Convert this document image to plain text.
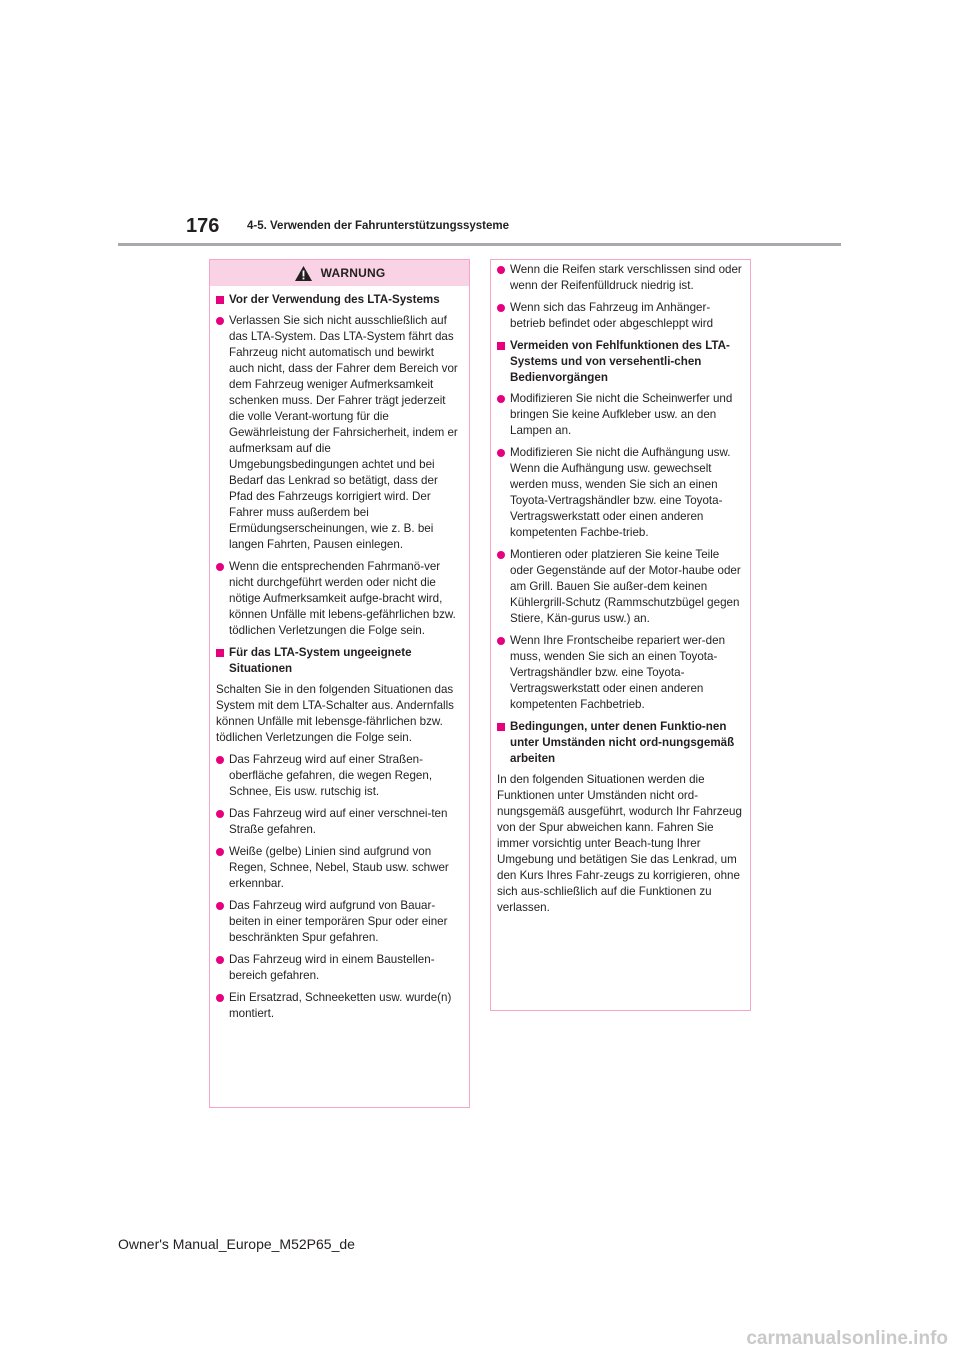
176 4-5. Verwenden der Fahrunterstützungssysteme
WARNUNG
Vor der Verwendung des LTA-Systems
Verlassen Sie sich nicht ausschließlich auf das LTA-System. Das LTA-System fährt das Fahrzeug nicht automatisch und bewirkt auch nicht, dass der Fahrer dem Bereich vor dem Fahrzeug weniger Aufmerksamkeit schenken muss. Der Fahrer trägt jederzeit die volle Verant-wortung für die Gewährleistung der Fahrsicherheit, indem er aufmerksam auf die Umgebungsbedingungen achtet und bei Bedarf das Lenkrad so betätigt, dass der Pfad des Fahrzeugs korrigiert wird. Der Fahrer muss außerdem bei Ermüdungserscheinungen, wie z. B. bei langen Fahrten, Pausen einlegen.
Wenn die entsprechenden Fahrmanö-ver nicht durchgeführt werden oder nicht die nötige Aufmerksamkeit aufge-bracht wird, können Unfälle mit lebens-gefährlichen bzw. tödlichen Verletzungen die Folge sein.
Für das LTA-System ungeeignete Situationen
Schalten Sie in den folgenden Situationen das System mit dem LTA-Schalter aus. Andernfalls können Unfälle mit lebensge-fährlichen bzw. tödlichen Verletzungen die Folge sein.
Das Fahrzeug wird auf einer Straßen-oberfläche gefahren, die wegen Regen, Schnee, Eis usw. rutschig ist.
Das Fahrzeug wird auf einer verschnei-ten Straße gefahren.
Weiße (gelbe) Linien sind aufgrund von Regen, Schnee, Nebel, Staub usw. schwer erkennbar.
Das Fahrzeug wird aufgrund von Bauar-beiten in einer temporären Spur oder einer beschränkten Spur gefahren.
Das Fahrzeug wird in einem Baustellen-bereich gefahren.
Ein Ersatzrad, Schneeketten usw. wurde(n) montiert.
Wenn die Reifen stark verschlissen sind oder wenn der Reifenfülldruck niedrig ist.
Wenn sich das Fahrzeug im Anhänger-betrieb befindet oder abgeschleppt wird
Vermeiden von Fehlfunktionen des LTA-Systems und von versehentli-chen Bedienvorgängen
Modifizieren Sie nicht die Scheinwerfer und bringen Sie keine Aufkleber usw. an den Lampen an.
Modifizieren Sie nicht die Aufhängung usw. Wenn die Aufhängung usw. gewechselt werden muss, wenden Sie sich an einen Toyota-Vertragshändler bzw. eine Toyota-Vertragswerkstatt oder einen anderen kompetenten Fachbe-trieb.
Montieren oder platzieren Sie keine Teile oder Gegenstände auf der Motor-haube oder am Grill. Bauen Sie außer-dem keinen Kühlergrill-Schutz (Rammschutzbügel gegen Stiere, Kän-gurus usw.) an.
Wenn Ihre Frontscheibe repariert wer-den muss, wenden Sie sich an einen Toyota-Vertragshändler bzw. eine Toyota-Vertragswerkstatt oder einen anderen kompetenten Fachbetrieb.
Bedingungen, unter denen Funktio-nen unter Umständen nicht ord-nungsgemäß arbeiten
In den folgenden Situationen werden die Funktionen unter Umständen nicht ord-nungsgemäß ausgeführt, wodurch Ihr Fahrzeug von der Spur abweichen kann. Fahren Sie immer vorsichtig unter Beach-tung Ihrer Umgebung und betätigen Sie das Lenkrad, um den Kurs Ihres Fahr-zeugs zu korrigieren, ohne sich aus-schließlich auf die Funktionen zu verlassen.
Owner's Manual_Europe_M52P65_de
carmanualsonline.info
